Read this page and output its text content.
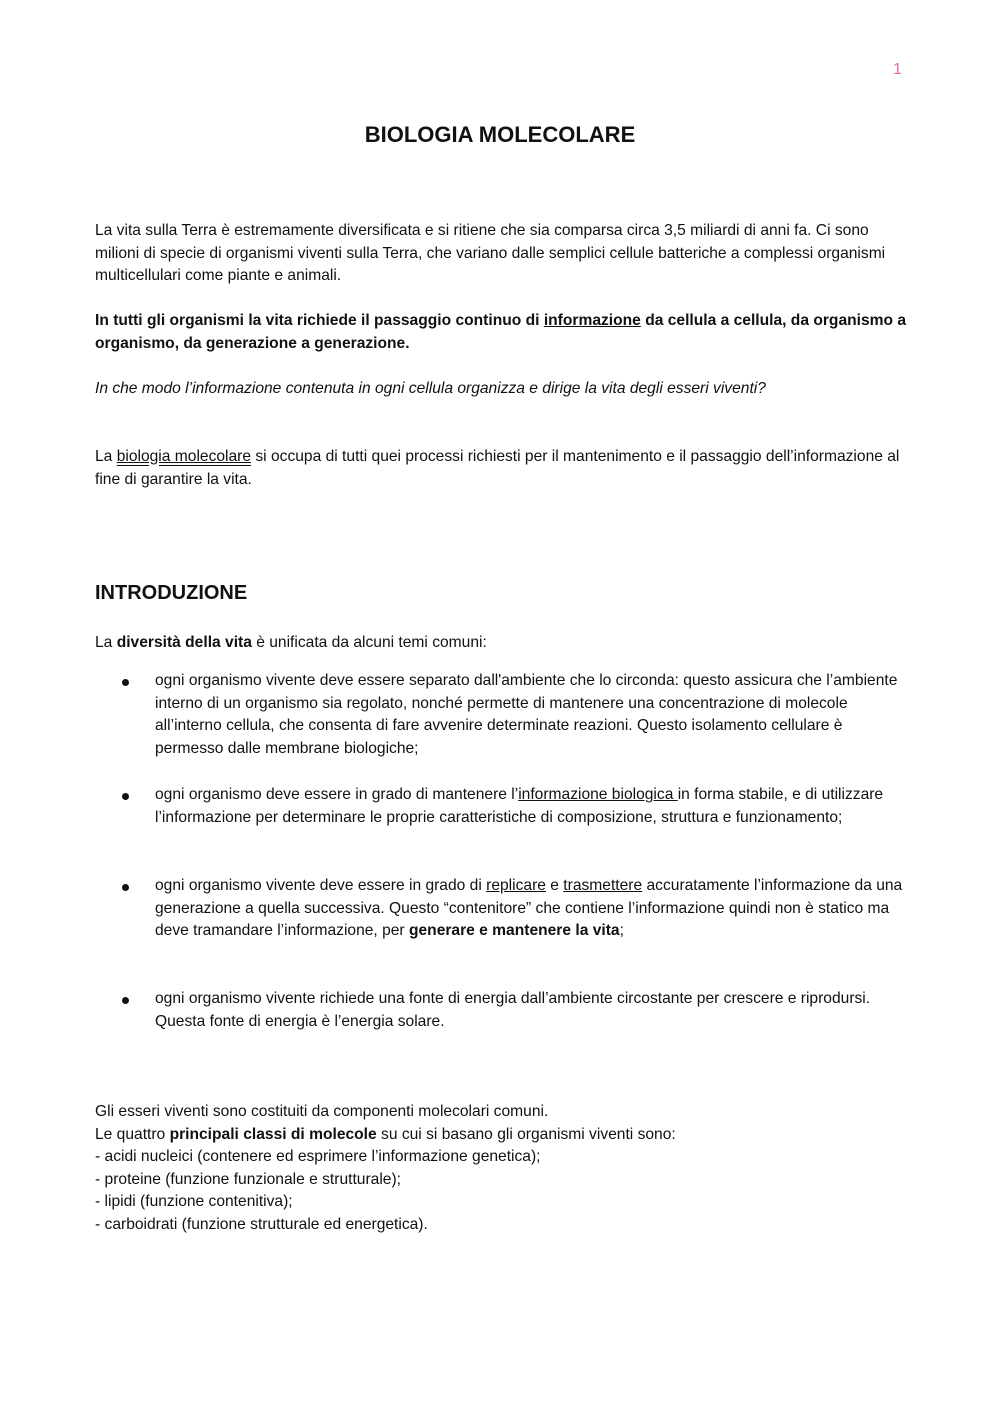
1
BIOLOGIA MOLECOLARE

La vita sulla Terra è estremamente diversificata e si ritiene che sia comparsa circa 3,5 miliardi di anni fa. Ci sono milioni di specie di organismi viventi sulla Terra, che variano dalle semplici cellule batteriche a complessi organismi multicellulari come piante e animali.

In tutti gli organismi la vita richiede il passaggio continuo di informazione da cellula a cellula, da organismo a organismo, da generazione a generazione.

In che modo l’informazione contenuta in ogni cellula organizza e dirige la vita degli esseri viventi?

La biologia molecolare si occupa di tutti quei processi richiesti per il mantenimento e il passaggio dell’informazione al fine di garantire la vita.

INTRODUZIONE

La diversità della vita è unificata da alcuni temi comuni:

ogni organismo vivente deve essere separato dall'ambiente che lo circonda: questo assicura che l’ambiente interno di un organismo sia regolato, nonché permette di mantenere una concentrazione di molecole all’interno cellula, che consenta di fare avvenire determinate reazioni. Questo isolamento cellulare è permesso dalle membrane biologiche;
ogni organismo deve essere in grado di mantenere l’informazione biologica in forma stabile, e di utilizzare l’informazione per determinare le proprie caratteristiche di composizione, struttura e funzionamento;
ogni organismo vivente deve essere in grado di replicare e trasmettere accuratamente l’informazione da una generazione a quella successiva. Questo “contenitore” che contiene l’informazione quindi non è statico ma deve tramandare l’informazione, per generare e mantenere la vita;
ogni organismo vivente richiede una fonte di energia dall’ambiente circostante per crescere e riprodursi. Questa fonte di energia è l’energia solare.
Gli esseri viventi sono costituiti da componenti molecolari comuni.
Le quattro principali classi di molecole su cui si basano gli organismi viventi sono:
- acidi nucleici (contenere ed esprimere l’informazione genetica);
- proteine (funzione funzionale e strutturale);
- lipidi (funzione contenitiva);
- carboidrati (funzione strutturale ed energetica).
